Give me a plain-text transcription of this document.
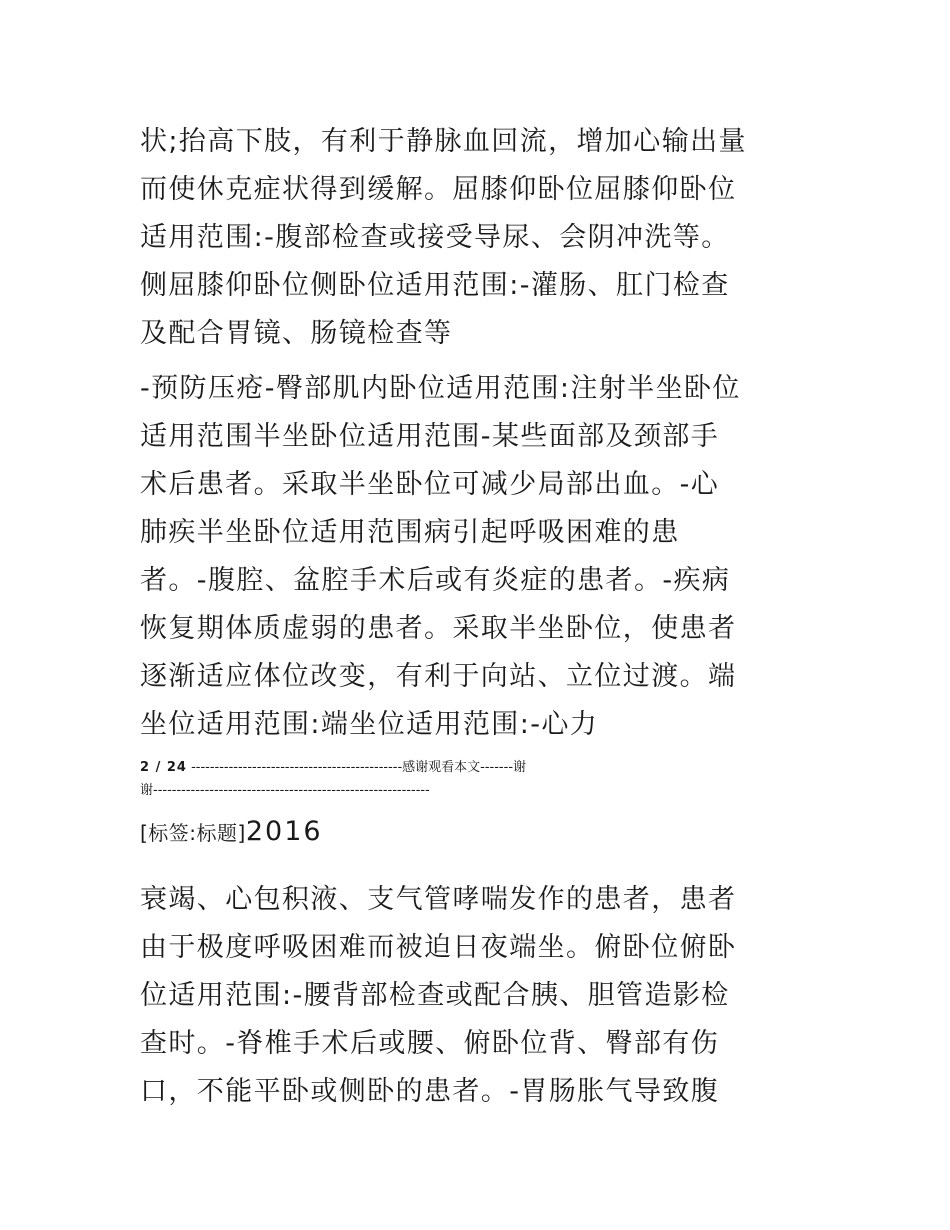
状;抬高下肢，有利于静脉血回流，增加心输出量
而使休克症状得到缓解。屈膝仰卧位屈膝仰卧位
适用范围:-腹部检查或接受导尿、会阴冲洗等。
侧屈膝仰卧位侧卧位适用范围:-灌肠、肛门检查
及配合胃镜、肠镜检查等
-预防压疮-臀部肌内卧位适用范围:注射半坐卧位
适用范围半坐卧位适用范围-某些面部及颈部手
术后患者。采取半坐卧位可减少局部出血。-心
肺疾半坐卧位适用范围病引起呼吸困难的患
者。-腹腔、盆腔手术后或有炎症的患者。-疾病
恢复期体质虚弱的患者。采取半坐卧位，使患者
逐渐适应体位改变，有利于向站、立位过渡。端
坐位适用范围:端坐位适用范围:-心力
2 / 24 ---------------------------------------------感谢观看本文-------谢
谢-----------------------------------------------------------
[标签:标题]2016
衰竭、心包积液、支气管哮喘发作的患者，患者
由于极度呼吸困难而被迫日夜端坐。俯卧位俯卧
位适用范围:-腰背部检查或配合胰、胆管造影检
查时。-脊椎手术后或腰、俯卧位背、臀部有伤
口，不能平卧或侧卧的患者。-胃肠胀气导致腹
